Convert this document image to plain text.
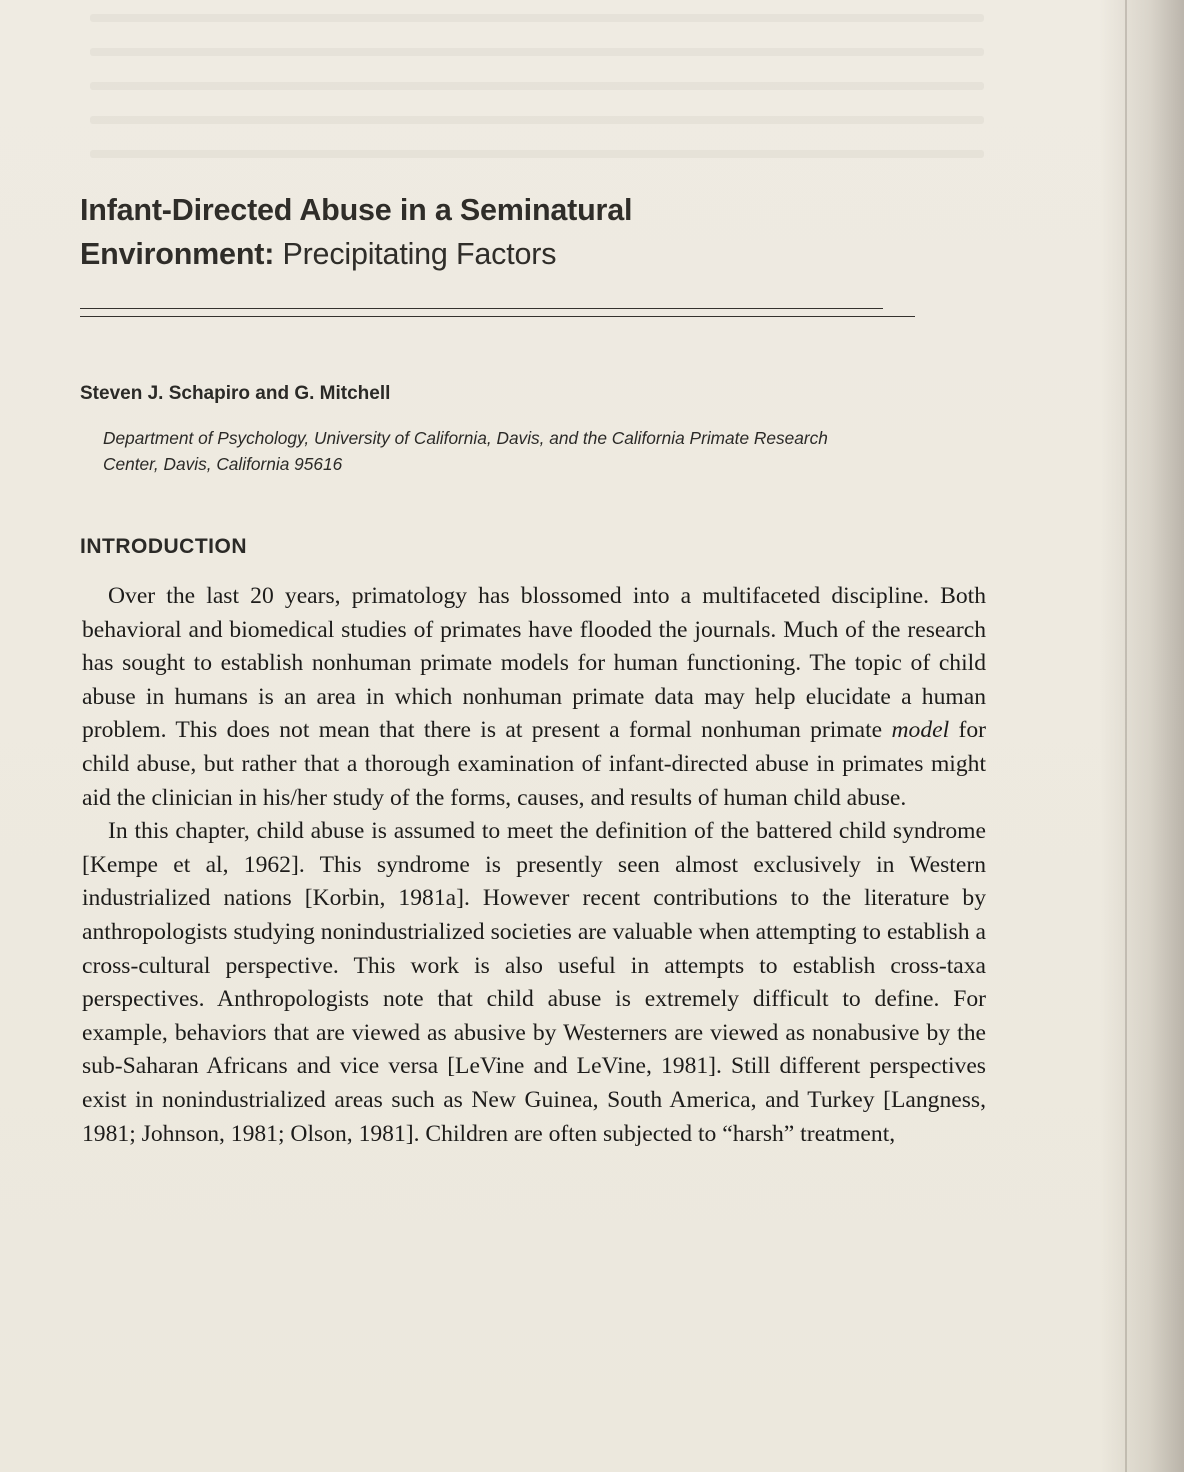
Infant-Directed Abuse in a Seminatural
Environment: Precipitating Factors

Steven J. Schapiro and G. Mitchell

Department of Psychology, University of California, Davis, and the California Primate Research
Center, Davis, California 95616

INTRODUCTION

Over the last 20 years, primatology has blossomed into a multifaceted discipline. Both behavioral and biomedical studies of primates have flooded the journals. Much of the research has sought to establish nonhuman primate models for human functioning. The topic of child abuse in humans is an area in which nonhuman primate data may help elucidate a human problem. This does not mean that there is at present a formal nonhuman primate model for child abuse, but rather that a thorough examination of infant-directed abuse in primates might aid the clinician in his/her study of the forms, causes, and results of human child abuse.

In this chapter, child abuse is assumed to meet the definition of the battered child syndrome [Kempe et al, 1962]. This syndrome is presently seen almost exclusively in Western industrialized nations [Korbin, 1981a]. However recent contributions to the literature by anthropologists studying nonindustrialized societies are valuable when attempting to establish a cross-cultural perspective. This work is also useful in attempts to establish cross-taxa perspectives. Anthropologists note that child abuse is extremely difficult to define. For example, behaviors that are viewed as abusive by Westerners are viewed as nonabusive by the sub-Saharan Africans and vice versa [LeVine and LeVine, 1981]. Still different perspectives exist in nonindustrialized areas such as New Guinea, South America, and Turkey [Langness, 1981; Johnson, 1981; Olson, 1981]. Children are often subjected to “harsh” treatment,
